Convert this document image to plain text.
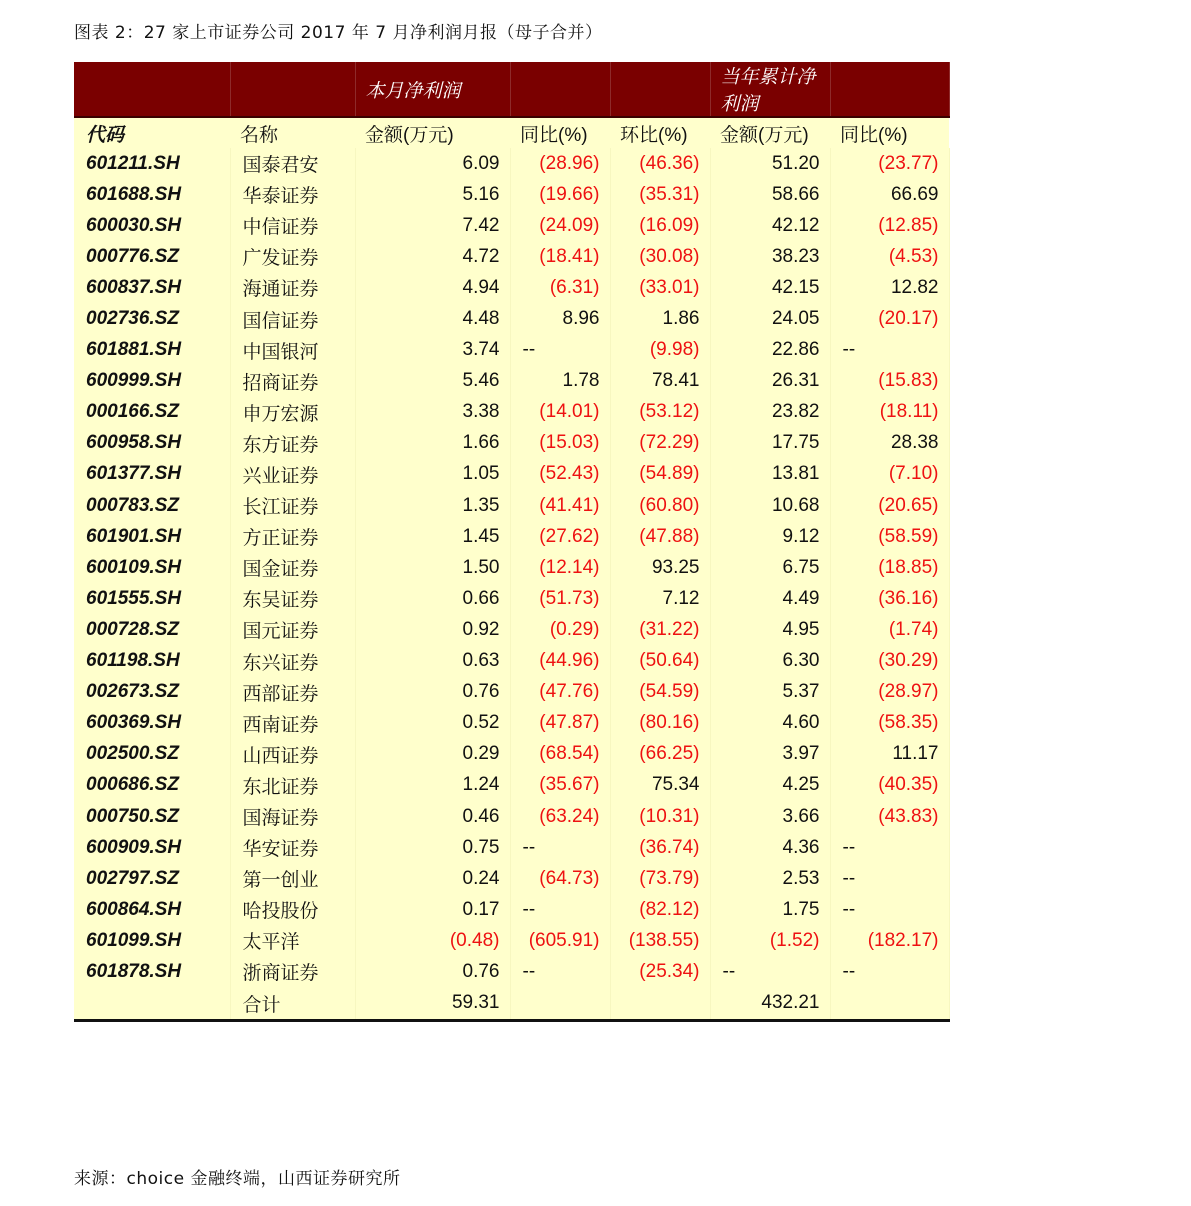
图表 2：27 家上市证券公司 2017 年 7 月净利润月报（母子合并）
		本月净利润			当年累计净利润	
代码	名称	金额(万元)	同比(%)	环比(%)	金额(万元)	同比(%)
601211.SH	国泰君安	6.09	(28.96)	(46.36)	51.20	(23.77)
601688.SH	华泰证券	5.16	(19.66)	(35.31)	58.66	66.69
600030.SH	中信证券	7.42	(24.09)	(16.09)	42.12	(12.85)
000776.SZ	广发证券	4.72	(18.41)	(30.08)	38.23	(4.53)
600837.SH	海通证券	4.94	(6.31)	(33.01)	42.15	12.82
002736.SZ	国信证券	4.48	8.96	1.86	24.05	(20.17)
601881.SH	中国银河	3.74	--	(9.98)	22.86	--
600999.SH	招商证券	5.46	1.78	78.41	26.31	(15.83)
000166.SZ	申万宏源	3.38	(14.01)	(53.12)	23.82	(18.11)
600958.SH	东方证券	1.66	(15.03)	(72.29)	17.75	28.38
601377.SH	兴业证券	1.05	(52.43)	(54.89)	13.81	(7.10)
000783.SZ	长江证券	1.35	(41.41)	(60.80)	10.68	(20.65)
601901.SH	方正证券	1.45	(27.62)	(47.88)	9.12	(58.59)
600109.SH	国金证券	1.50	(12.14)	93.25	6.75	(18.85)
601555.SH	东吴证券	0.66	(51.73)	7.12	4.49	(36.16)
000728.SZ	国元证券	0.92	(0.29)	(31.22)	4.95	(1.74)
601198.SH	东兴证券	0.63	(44.96)	(50.64)	6.30	(30.29)
002673.SZ	西部证券	0.76	(47.76)	(54.59)	5.37	(28.97)
600369.SH	西南证券	0.52	(47.87)	(80.16)	4.60	(58.35)
002500.SZ	山西证券	0.29	(68.54)	(66.25)	3.97	11.17
000686.SZ	东北证券	1.24	(35.67)	75.34	4.25	(40.35)
000750.SZ	国海证券	0.46	(63.24)	(10.31)	3.66	(43.83)
600909.SH	华安证券	0.75	--	(36.74)	4.36	--
002797.SZ	第一创业	0.24	(64.73)	(73.79)	2.53	--
600864.SH	哈投股份	0.17	--	(82.12)	1.75	--
601099.SH	太平洋	(0.48)	(605.91)	(138.55)	(1.52)	(182.17)
601878.SH	浙商证券	0.76	--	(25.34)	--	--
	合计	59.31			432.21	
来源：choice 金融终端，山西证券研究所
